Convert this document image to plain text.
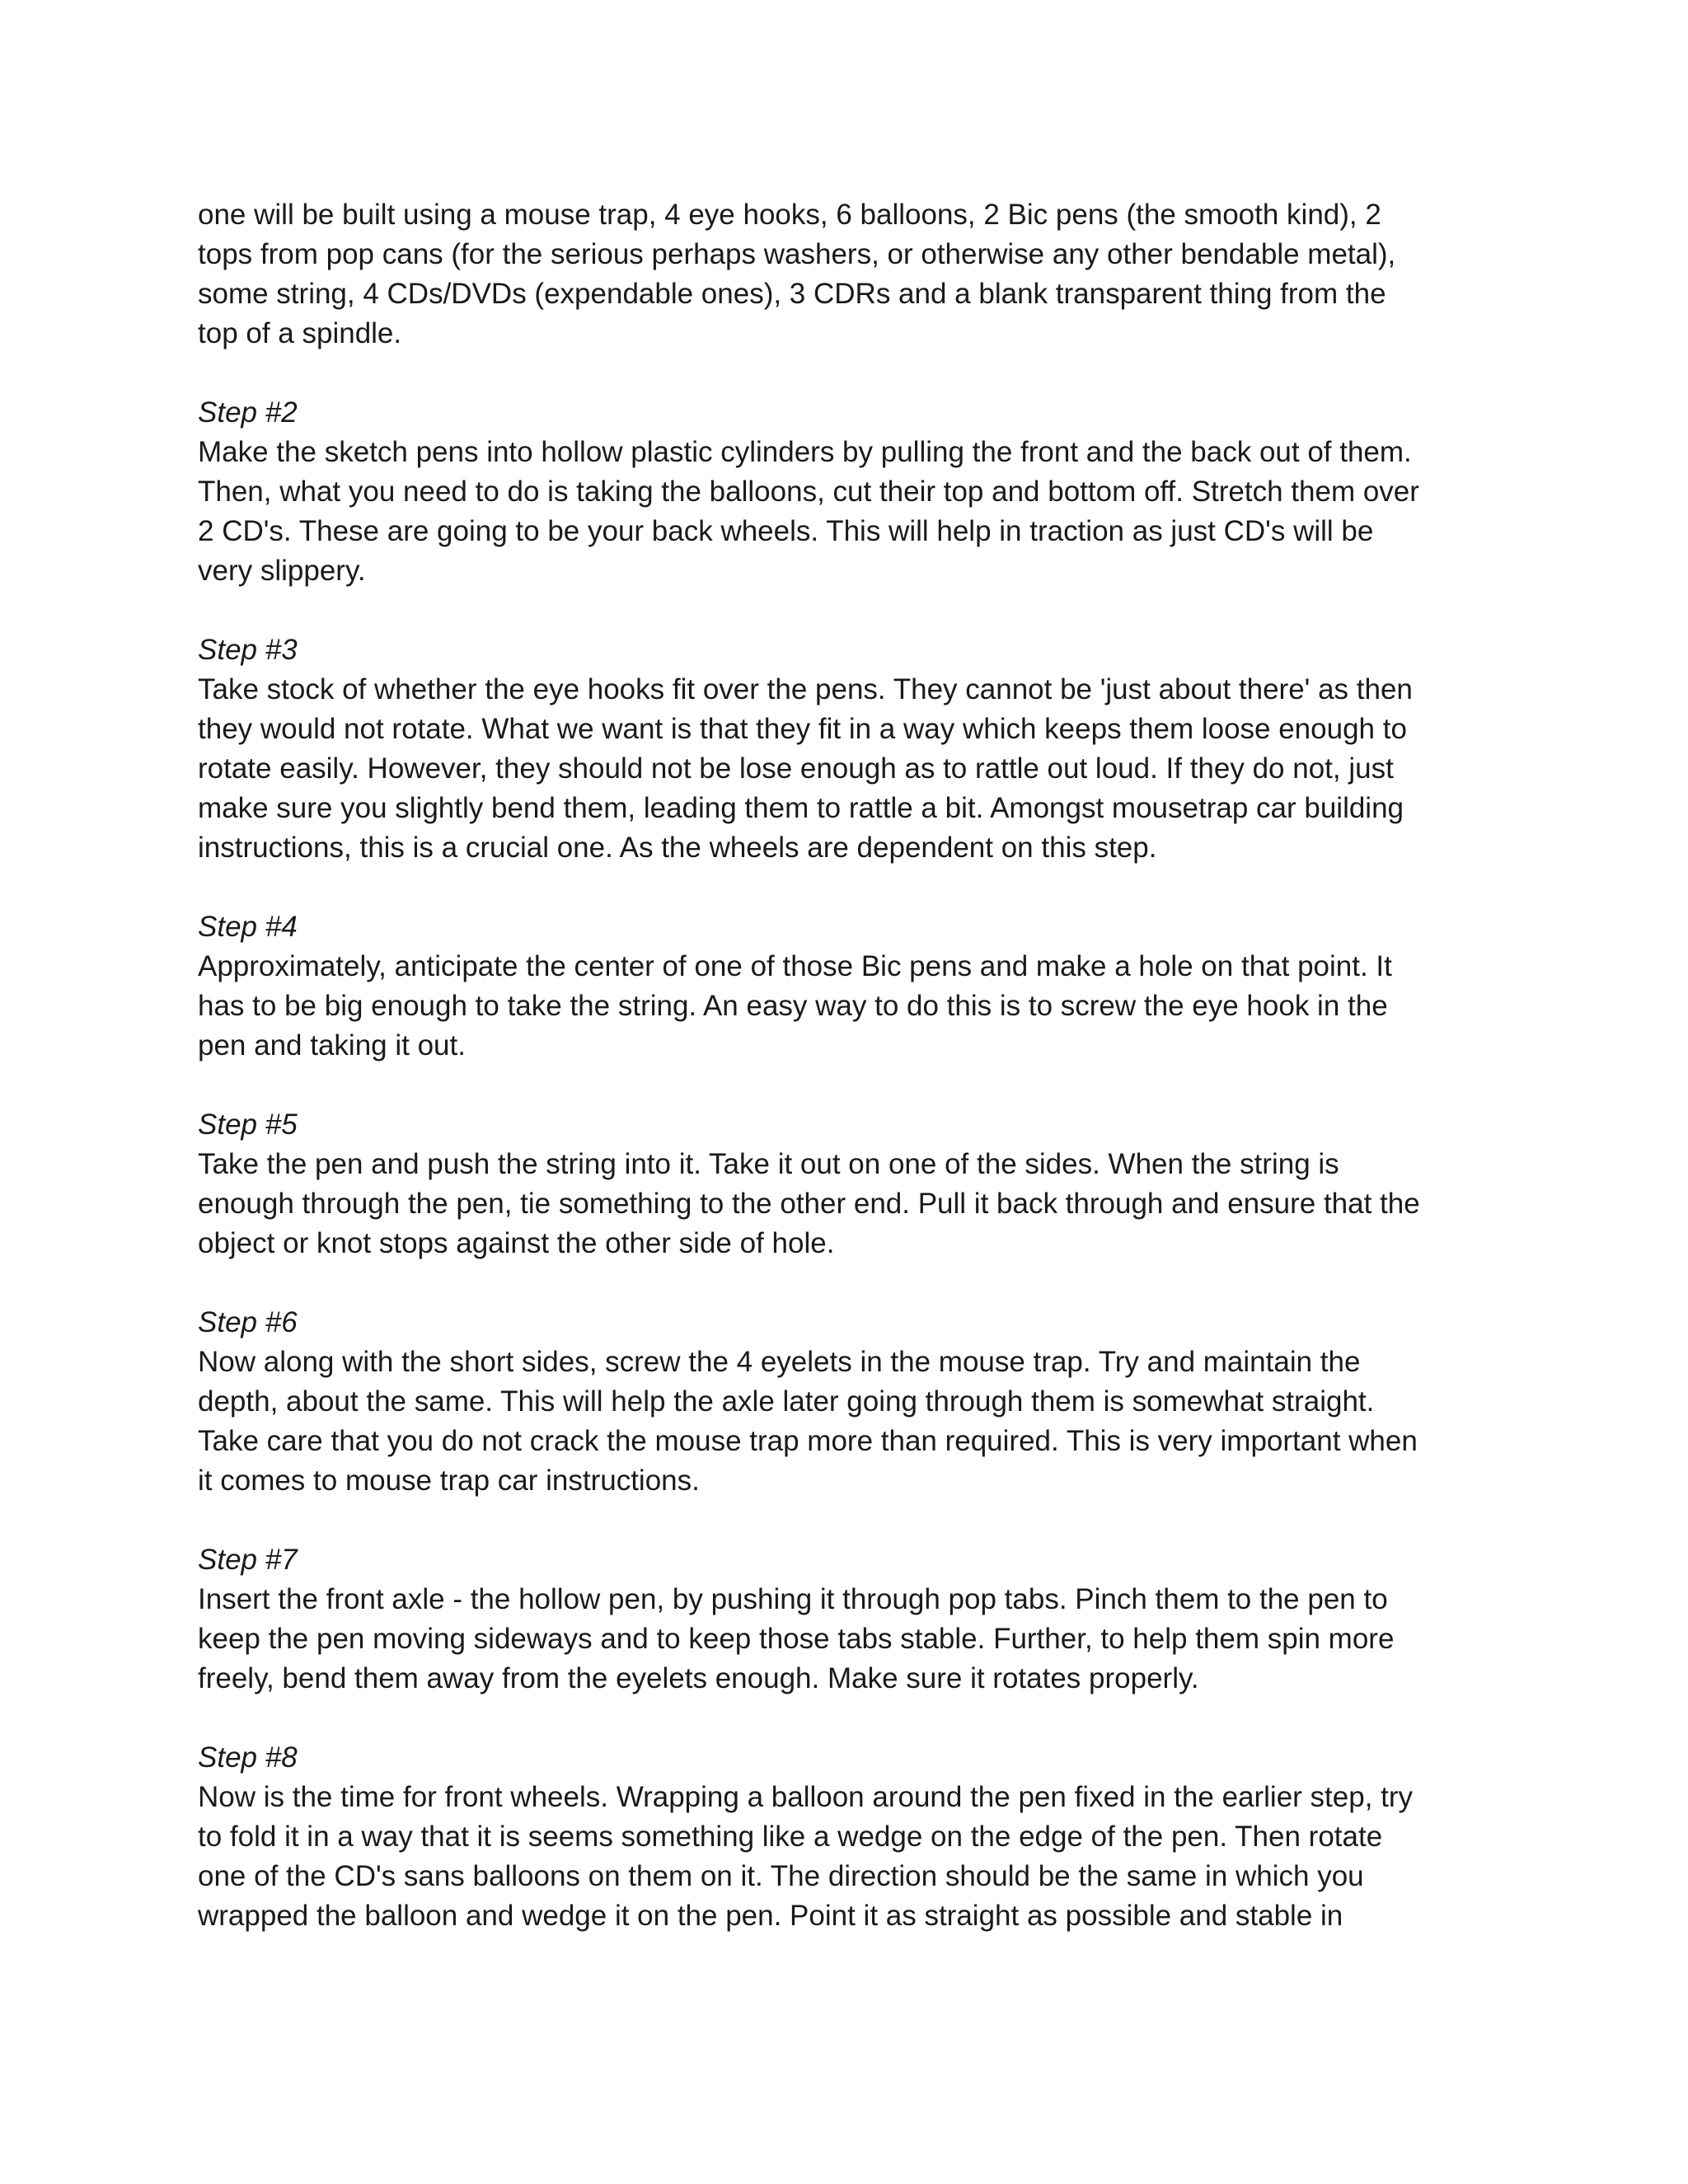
one will be built using a mouse trap, 4 eye hooks, 6 balloons, 2 Bic pens (the smooth kind), 2
tops from pop cans (for the serious perhaps washers, or otherwise any other bendable metal),
some string, 4 CDs/DVDs (expendable ones), 3 CDRs and a blank transparent thing from the
top of a spindle.

Step #2

Make the sketch pens into hollow plastic cylinders by pulling the front and the back out of them.
Then, what you need to do is taking the balloons, cut their top and bottom off. Stretch them over
2 CD's. These are going to be your back wheels. This will help in traction as just CD's will be
very slippery.

Step #3

Take stock of whether the eye hooks fit over the pens. They cannot be 'just about there' as then
they would not rotate. What we want is that they fit in a way which keeps them loose enough to
rotate easily. However, they should not be lose enough as to rattle out loud. If they do not, just
make sure you slightly bend them, leading them to rattle a bit. Amongst mousetrap car building
instructions, this is a crucial one. As the wheels are dependent on this step.

Step #4

Approximately, anticipate the center of one of those Bic pens and make a hole on that point. It
has to be big enough to take the string. An easy way to do this is to screw the eye hook in the
pen and taking it out.

Step #5

Take the pen and push the string into it. Take it out on one of the sides. When the string is
enough through the pen, tie something to the other end. Pull it back through and ensure that the
object or knot stops against the other side of hole.

Step #6

Now along with the short sides, screw the 4 eyelets in the mouse trap. Try and maintain the
depth, about the same. This will help the axle later going through them is somewhat straight.
Take care that you do not crack the mouse trap more than required. This is very important when
it comes to mouse trap car instructions.

Step #7

Insert the front axle - the hollow pen, by pushing it through pop tabs. Pinch them to the pen to
keep the pen moving sideways and to keep those tabs stable. Further, to help them spin more
freely, bend them away from the eyelets enough. Make sure it rotates properly.

Step #8

Now is the time for front wheels. Wrapping a balloon around the pen fixed in the earlier step, try
to fold it in a way that it is seems something like a wedge on the edge of the pen. Then rotate
one of the CD's sans balloons on them on it. The direction should be the same in which you
wrapped the balloon and wedge it on the pen. Point it as straight as possible and stable in
